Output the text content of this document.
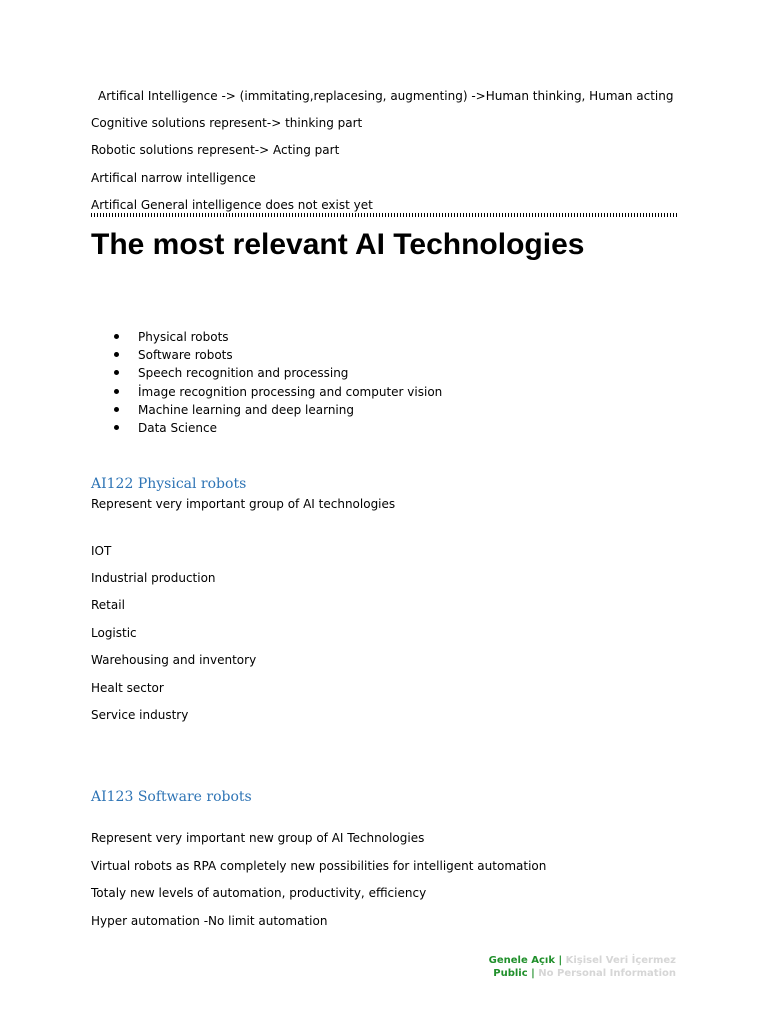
Artifical Intelligence -> (immitating,replacesing, augmenting) ->Human thinking, Human acting
Cognitive solutions represent-> thinking part
Robotic solutions represent-> Acting part
Artifical narrow intelligence
Artifical General intelligence does not exist yet
The most relevant AI Technologies
Physical robots
Software robots
Speech recognition and processing
İmage recognition processing and computer vision
Machine learning and deep learning
Data Science
AI122 Physical robots
Represent very important group of AI technologies
IOT
Industrial production
Retail
Logistic
Warehousing and inventory
Healt sector
Service industry
AI123 Software robots
Represent very important new group of AI Technologies
Virtual robots as RPA completely new possibilities for intelligent automation
Totaly new levels of automation, productivity, efficiency
Hyper automation -No limit automation
Genele Açık | Kişisel Veri İçermez
Public | No Personal Information
